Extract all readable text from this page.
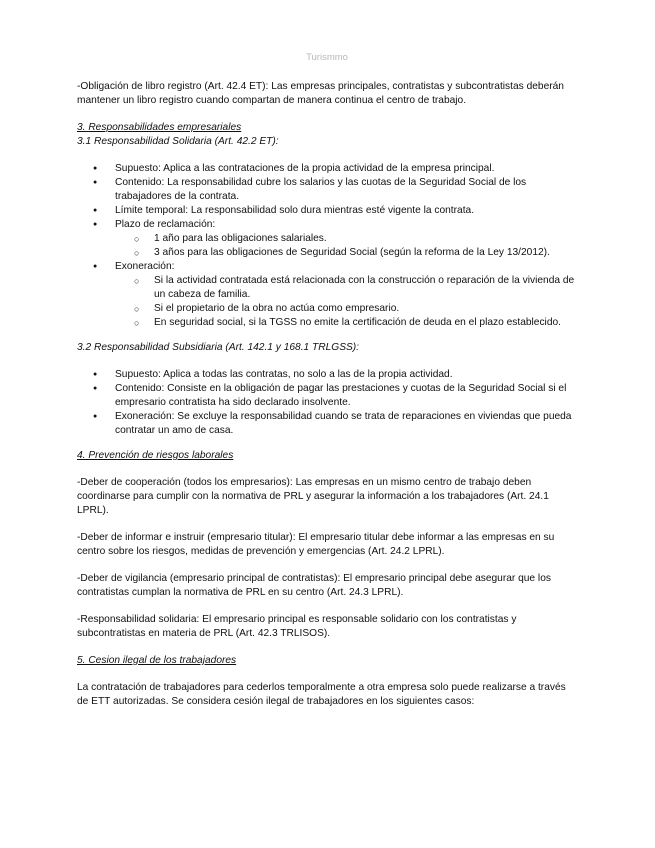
Turismmo

-Obligación de libro registro (Art. 42.4 ET): Las empresas principales, contratistas y subcontratistas deberán mantener un libro registro cuando compartan de manera continua el centro de trabajo.

3. Responsabilidades empresariales

3.1 Responsabilidad Solidaria (Art. 42.2 ET):

● Supuesto: Aplica a las contrataciones de la propia actividad de la empresa principal.
● Contenido: La responsabilidad cubre los salarios y las cuotas de la Seguridad Social de los trabajadores de la contrata.
● Límite temporal: La responsabilidad solo dura mientras esté vigente la contrata.
● Plazo de reclamación:
○ 1 año para las obligaciones salariales.
○ 3 años para las obligaciones de Seguridad Social (según la reforma de la Ley 13/2012).
● Exoneración:
○ Si la actividad contratada está relacionada con la construcción o reparación de la vivienda de un cabeza de familia.
○ Si el propietario de la obra no actúa como empresario.
○ En seguridad social, si la TGSS no emite la certificación de deuda en el plazo establecido.

3.2 Responsabilidad Subsidiaria (Art. 142.1 y 168.1 TRLGSS):

● Supuesto: Aplica a todas las contratas, no solo a las de la propia actividad.
● Contenido: Consiste en la obligación de pagar las prestaciones y cuotas de la Seguridad Social si el empresario contratista ha sido declarado insolvente.
● Exoneración: Se excluye la responsabilidad cuando se trata de reparaciones en viviendas que pueda contratar un amo de casa.

4. Prevención de riesgos laborales

-Deber de cooperación (todos los empresarios): Las empresas en un mismo centro de trabajo deben coordinarse para cumplir con la normativa de PRL y asegurar la información a los trabajadores (Art. 24.1 LPRL).

-Deber de informar e instruir (empresario titular): El empresario titular debe informar a las empresas en su centro sobre los riesgos, medidas de prevención y emergencias (Art. 24.2 LPRL).

-Deber de vigilancia (empresario principal de contratistas): El empresario principal debe asegurar que los contratistas cumplan la normativa de PRL en su centro (Art. 24.3 LPRL).

-Responsabilidad solidaria: El empresario principal es responsable solidario con los contratistas y subcontratistas en materia de PRL (Art. 42.3 TRLISOS).

5. Cesion ilegal de los trabajadores

La contratación de trabajadores para cederlos temporalmente a otra empresa solo puede realizarse a través de ETT autorizadas. Se considera cesión ilegal de trabajadores en los siguientes casos:
